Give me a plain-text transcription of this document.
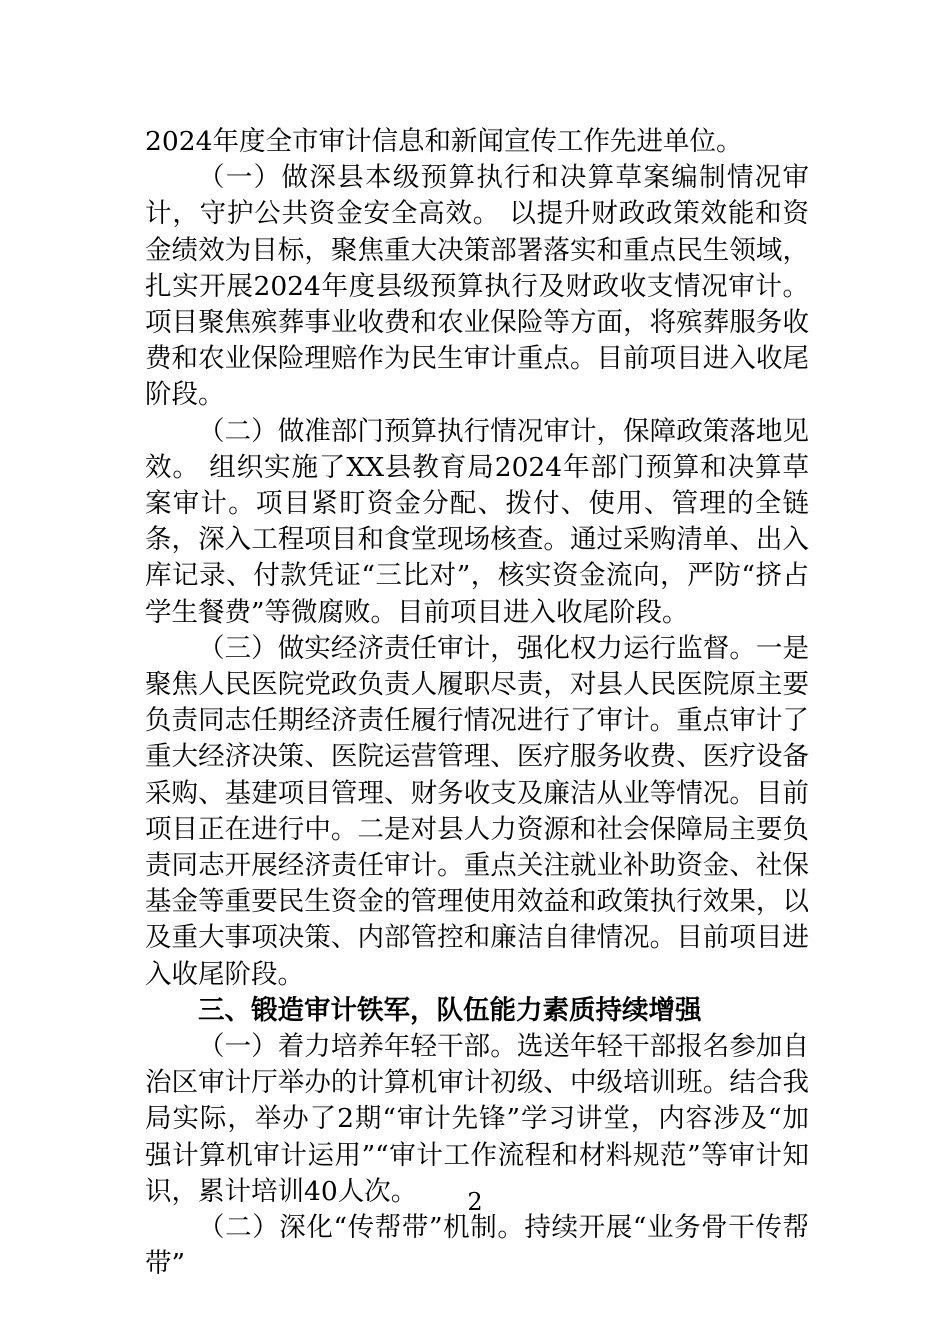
2024年度全市审计信息和新闻宣传工作先进单位。

（一）做深县本级预算执行和决算草案编制情况审计，守护公共资金安全高效。 以提升财政政策效能和资金绩效为目标，聚焦重大决策部署落实和重点民生领域，扎实开展2024年度县级预算执行及财政收支情况审计。项目聚焦殡葬事业收费和农业保险等方面，将殡葬服务收费和农业保险理赔作为民生审计重点。目前项目进入收尾阶段。

（二）做准部门预算执行情况审计，保障政策落地见效。 组织实施了XX县教育局2024年部门预算和决算草案审计。项目紧盯资金分配、拨付、使用、管理的全链条，深入工程项目和食堂现场核查。通过采购清单、出入库记录、付款凭证“三比对”，核实资金流向，严防“挤占学生餐费”等微腐败。目前项目进入收尾阶段。

（三）做实经济责任审计，强化权力运行监督。一是聚焦人民医院党政负责人履职尽责，对县人民医院原主要负责同志任期经济责任履行情况进行了审计。重点审计了重大经济决策、医院运营管理、医疗服务收费、医疗设备采购、基建项目管理、财务收支及廉洁从业等情况。目前项目正在进行中。二是对县人力资源和社会保障局主要负责同志开展经济责任审计。重点关注就业补助资金、社保基金等重要民生资金的管理使用效益和政策执行效果，以及重大事项决策、内部管控和廉洁自律情况。目前项目进入收尾阶段。

三、锻造审计铁军，队伍能力素质持续增强

（一）着力培养年轻干部。选送年轻干部报名参加自治区审计厅举办的计算机审计初级、中级培训班。结合我局实际，举办了2期“审计先锋”学习讲堂，内容涉及“加强计算机审计运用”“审计工作流程和材料规范”等审计知识，累计培训40人次。

（二）深化“传帮带”机制。持续开展“业务骨干传帮带”

2
